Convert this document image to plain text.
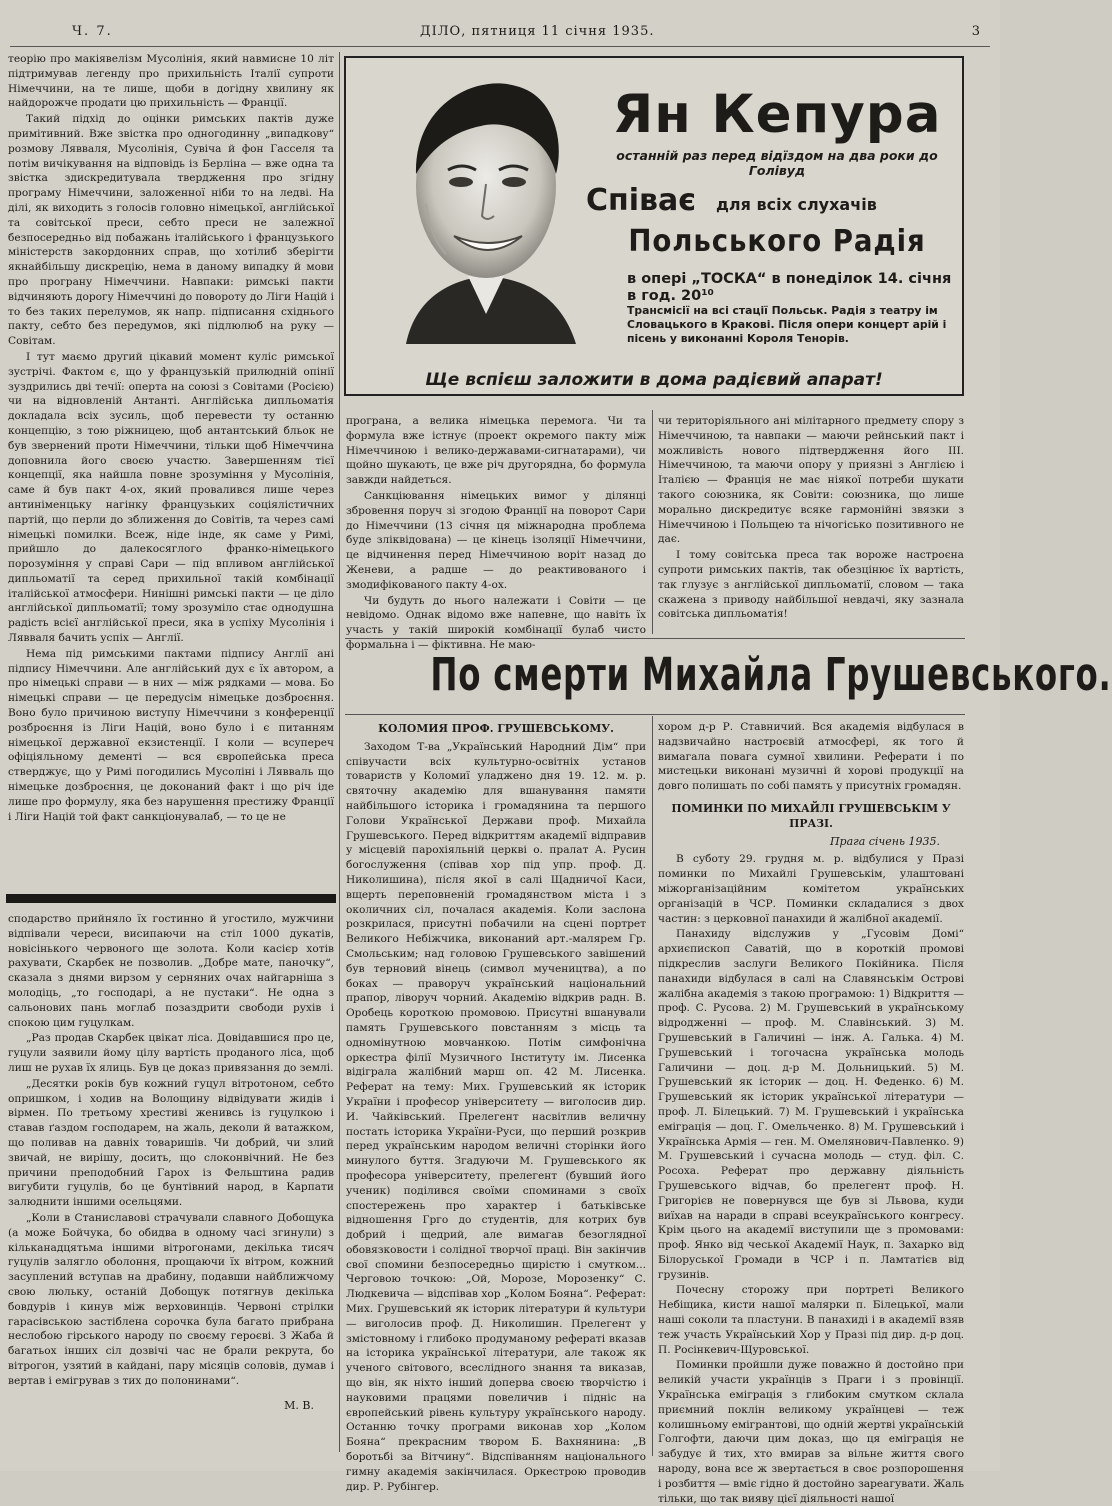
Ч. 7.	ДІЛО, пятниця 11 січня 1935.	3

теорію про макіявелізм Мусолінія, який навмисне 10 літ підтримував легенду про прихильність Італії супроти Німеччини, на те лише, щоби в догідну хвилину як найдорожче продати цю прихильність — Франції.

Такий підхід до оцінки римських пактів дуже примітивний. Вже звістка про одногодинну „випадкову“ розмову Лявваля, Мусолінія, Сувіча й фон Гасселя та потім вичікування на відповідь із Берліна — вже одна та звістка здискредитувала твердження про згідну програму Німеччини, заложенної ніби то на ледві. На ділі, як виходить з голосів головно німецької, англійської та совітської преси, себто преси не залежної безпосередньо від побажань італійського і французького міністерств закордонних справ, що хотілиб зберігти якнайбільшу дискрецію, нема в даному випадку й мови про програну Німеччини. Навпаки: римські пакти відчиняють дорогу Німеччині до повороту до Ліги Націй і то без таких перелумов, як напр. підписання східнього пакту, себто без передумов, які підлюлюб на руку — Совітам.

І тут маємо другий цікавий момент куліс римської зустрічі. Фактом є, що у французькій прилюдній опінії зуздрились дві течії: оперта на союзі з Совітами (Росією) чи на відновленій Антанті. Англійська дипльоматія докладала всіх зусиль, щоб перевести ту останню концепцію, з тою ріжницею, щоб антантський бльок не був звернений проти Німеччини, тільки щоб Німеччина доповнила його своєю участю. Завершенням тієї концепції, яка найшла повне зрозуміння у Мусолінія, саме й був пакт 4-ох, який провалився лише через антиніменцьку нагінку французьких соціялістичних партій, що перли до зближення до Совітів, та через самі німецькі помилки. Всеж, ніде інде, як саме у Римі, прийшло до далекосяглого франко-німецького порозуміння у справі Сари — під впливом англійської дипльоматії та серед прихильної такій комбінації італійської атмосфери. Нинішні римські пакти — це діло англійської дипльоматії; тому зрозуміло стає однодушна радість всієї англійської преси, яка в успіху Мусолінія і Лявваля бачить успіх — Англії.

Нема під римськими пактами підпису Англії ані підпису Німеччини. Але англійський дух є їх автором, а про німецькі справи — в них — між рядками — мова. Бо німецькі справи — це передусім німецьке дозброєння. Воно було причиною виступу Німеччини з конференції розброєння із Ліги Націй, воно було і є питанням німецької державної екзистенції. І коли — всупереч офіціяльному дементі — вся європейська преса стверджує, що у Римі погодились Мусоліні і Лявваль що німецьке дозброєння, це доконаний факт і що річ іде лише про формулу, яка без нарушення престижу Франції і Ліги Націй той факт санкціонувалаб, — то це не

сподарство прийняло їх гостинно й угостило, мужчини відпівали череси, висипаючи на стіл 1000 дукатів, новісінького червоного ще золота. Коли касієр хотів рахувати, Скарбек не позволив. „Добре мате, паночку“, сказала з днями вирзом у серняних очах найгарніша з молодіць, „то господарі, а не пустаки“. Не одна з сальонових пань моглаб позаздрити свободи рухів і спокою цим гуцулкам.

„Раз продав Скарбек цвікат ліса. Довідавшися про це, гуцули заявили йому цілу вартість проданого ліса, щоб лиш не рухав їх ялиць. Був це доказ привязання до землі.

„Десятки років був кожний гуцул вітротоном, себто опришком, і ходив на Волощину відвідувати жидів і вірмен. По третьому хрестиві женивсь із гуцулкою і ставав ґаздом господарем, на жаль, деколи й ватажком, що поливав на давніх товаришів. Чи добрий, чи злий звичай, не вирішу, досить, що слоконвічний. Не без причини преподобний Гарох із Фельштина радив вигубити гуцулів, бо це бунтівний народ, в Карпати залюднити іншими осельцями.

„Коли в Станиславові страчували славного Добощука (а може Бойчука, бо обидва в одному часі згинули) з кільканадцятьма іншими вітрогонами, декілька тисяч гуцулів залягло оболоння, прощаючи їх вітром, кожний засуплений вступав на драбину, подавши найближчому свою люльку, останій Добощук потягнув декілька бовдурів і кинув між верховинців. Червоні стрілки гарасівською застіблена сорочка була багато прибрана неслобою гірського народу по своєму героєві. З Жаба й багатьох інших сіл дозвічі час не брали рекрута, бо вітрогон, узятий в кайдані, пару місяців соловів, думав і вертав і емігрував з тих до полонинами“.

М. В.
Ян Кепура
останній раз перед відїздом на два роки до Голівуд
Співає для всіх слухачів
Польського Радія
в опері „ТОСКА“ в понеділок 14. січня в год. 20¹⁰
Трансмісії на всі стації Польськ. Радія з театру ім Словацького в Кракові. Після опери концерт арій і пісень у виконанні Короля Тенорів.
Ще вспієш заложити в дома радієвий апарат!

програна, а велика німецька перемога. Чи та формула вже істнує (проект окремого пакту між Німеччиною і велико-державами-сигнатарами), чи щойно шукають, це вже річ другорядна, бо формула завжди найдеться.

Санкціювання німецьких вимог у ділянці збровення поруч зі згодою Франції на поворот Сари до Німеччини (13 січня ця міжнародна проблема буде зліквідована) — це кінець ізоляції Німеччини, це відчинення перед Німеччиною воріт назад до Женеви, а радше — до реактивованого і змодифікованого пакту 4-ох.

Чи будуть до нього належати і Совіти — це невідомо. Однак відомо вже напевне, що навіть їх участь у такій широкій комбінації булаб чисто формальна і — фіктивна. Не маю-

чи територіяльного ані мілітарного предмету спору з Німеччиною, та навпаки — маючи рейнський пакт і можливість нового підтвердження його ІІІ. Німеччиною, та маючи опору у приязні з Англією і Італією — Франція не має ніякої потреби шукати такого союзника, як Совіти: союзника, що лише морально дискредитує всяке гармонійні звязки з Німеччиною і Польщею та нічогісько позитивного не дає.

І тому совітська преса так вороже настроєна супроти римських пактів, так обезцінює їх вартість, так глузує з англійської дипльоматії, словом — така скажена з приводу найбільшої невдачі, яку зазнала совітська дипльоматія!

По смерти Михайла Грушевського.
КОЛОМИЯ ПРОФ. ГРУШЕВСЬКОМУ.

Заходом Т-ва „Український Народний Дім“ при співучасти всіх культурно-освітніх установ товариств у Коломиї уладжено дня 19. 12. м. р. святочну академію для вшанування памяти найбільшого історика і громадянина та першого Голови Української Держави проф. Михайла Грушевського. Перед відкриттям академії відправив у місцевій парохіяльній церкві о. пралат А. Русин богослуження (співав хор під упр. проф. Д. Николишина), після якої в салі Щадничої Каси, вщерть переповненій громадянством міста і з околичних сіл, почалася академія. Коли заслона розкрилася, присутні побачили на сцені портрет Великого Небіжчика, виконаний арт.-малярем Гр. Смольським; над головою Грушевського завішений був терновий вінець (символ мучеництва), а по боках — праворуч український національний прапор, ліворуч чорний. Академію відкрив радн. В. Оробець короткою промовою. Присутні вшанували память Грушевського повстанням з місць та одномінутною мовчанкою. Потім симфонічна оркестра філії Музичного Інституту ім. Лисенка відіграла жалібний марш оп. 42 М. Лисенка. Реферат на тему: Мих. Грушевський як історик України і професор університету — виголосив дир. И. Чайківський. Прелегент насвітлив величну постать історика України-Руси, що перший розкрив перед українським народом величні сторінки його минулого буття. Згадуючи М. Грушевського як професора університету, прелегент (бувший його ученик) поділився своїми споминами з своїх спостережень про характер і батьківське відношення Грго до студентів, для котрих був добрий і щедрий, але вимагав безоглядної обовязковости і солідної творчої праці. Він закінчив свої спомини безпосередньо щирістю і смутком... Черговою точкою: „Ой, Морозе, Морозенку“ С. Людкевича — відспівав хор „Колом Бояна“. Реферат: Мих. Грушевський як історик літератури й культури — виголосив проф. Д. Николишин. Прелегент у змістовному і глибоко продуманому рефераті вказав на історика української літератури, але також як ученого світового, всеслідного знання та виказав, що він, як ніхто інший доперва своєю творчістю і науковими працями повеличив і підніс на європейський рівень культуру українського народу. Останню точку програми виконав хор „Колом Бояна“ прекрасним твором Б. Вахнянина: „В боротьбі за Вітчину“. Відспіванням національного гимну академія закінчилася. Оркестрою проводив дир. Р. Рубінгер.

хором д-р Р. Ставничий. Вся академія відбулася в надзвичайно настроєвій атмосфері, як того й вимагала повага сумної хвилини. Реферати і по мистецьки виконані музичні й хорові продукції на довго полишать по собі память у присутніх громадян.

ПОМИНКИ ПО МИХАЙЛІ ГРУШЕВСЬКІМ У ПРАЗІ.
Прага січень 1935.

В суботу 29. грудня м. р. відбулися у Празі поминки по Михайлі Грушевськім, улаштовані міжорганізаційним комітетом українських організацій в ЧСР. Поминки складалися з двох частин: з церковної панахиди й жалібної академії.

Панахиду відслужив у „Гусовім Домі“ архиєпископ Саватій, що в короткій промові підкреслив заслуги Великого Покійника. Після панахиди відбулася в салі на Славянськім Острові жалібна академія з такою програмою: 1) Відкриття — проф. С. Русова. 2) М. Грушевський в українському відродженні — проф. М. Славінський. 3) М. Грушевський в Галичині — інж. А. Галька. 4) М. Грушевський і тогочасна українська молодь Галичини — доц. д-р М. Дольницький. 5) М. Грушевський як історик — доц. Н. Феденко. 6) М. Грушевський як історик української літератури — проф. Л. Білецький. 7) М. Грушевський і українська еміграція — доц. Г. Омельченко. 8) М. Грушевський і Українська Армія — ген. М. Омелянович-Павленко. 9) М. Грушевський і сучасна молодь — студ. філ. С. Росоха. Реферат про державну діяльність Грушевського відчав, бо прелегент проф. Н. Григорієв не повернувся ще був зі Львова, куди виїхав на наради в справі всеукраїнського конгресу. Крім цього на академії виступили ще з промовами: проф. Янко від чеської Академії Наук, п. Захарко від Білоруської Громади в ЧСР і п. Ламтатієв від грузинів.

Почесну сторожу при портреті Великого Небіщика, кисти нашої малярки п. Білецької, мали наші соколи та пластуни. В панахиді і в академії взяв теж участь Український Хор у Празі під дир. д-р доц. П. Росінкевич-Щуровської.

Поминки пройшли дуже поважно й достойно при великій участи українців з Праги і з провінції. Українська еміграція з глибоким смутком склала приємний поклін великому українцеві — теж колишньому емігрантові, що одній жертві українській Голгофти, даючи цим доказ, що ця еміграція не забудує й тих, хто вмирав за вільне життя свого народу, вона все ж звертається в своє розпорошення і розбиття — вміє гідно й достойно зареагувати. Жаль тільки, що так вияву цієї діяльності нашої
